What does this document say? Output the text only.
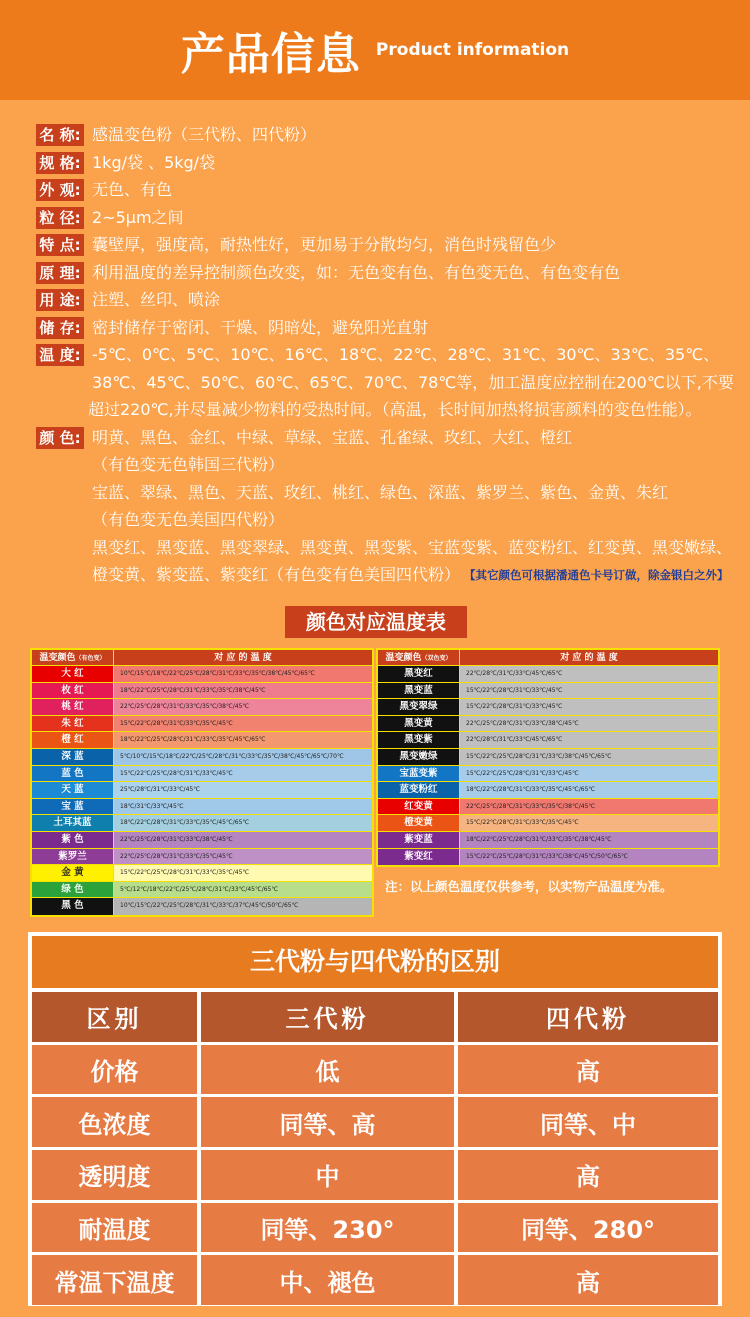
产品信息 Product information
名 称: 感温变色粉（三代粉、四代粉）
规 格: 1kg/袋 、5kg/袋
外 观: 无色、有色
粒 径: 2~5μm之间
特 点: 囊壁厚，强度高，耐热性好，更加易于分散均匀，消色时残留色少
原 理: 利用温度的差异控制颜色改变，如：无色变有色、有色变无色、有色变有色
用 途: 注塑、丝印、喷涂
储 存: 密封储存于密闭、干燥、阴暗处，避免阳光直射
温 度: -5℃、0℃、5℃、10℃、16℃、18℃、22℃、28℃、31℃、30℃、33℃、35℃、
38℃、45℃、50℃、60℃、65℃、70℃、78℃等，加工温度应控制在200℃以下,不要
超过220℃,并尽量减少物料的受热时间。（高温，长时间加热将损害颜料的变色性能）。
颜 色: 明黄、黑色、金红、中绿、草绿、宝蓝、孔雀绿、玫红、大红、橙红
（有色变无色韩国三代粉）
宝蓝、翠绿、黑色、天蓝、玫红、桃红、绿色、深蓝、紫罗兰、紫色、金黄、朱红
（有色变无色美国四代粉）
黑变红、黑变蓝、黑变翠绿、黑变黄、黑变紫、宝蓝变紫、蓝变粉红、红变黄、黑变嫩绿、
橙变黄、紫变蓝、紫变红（有色变有色美国四代粉） 【其它颜色可根据潘通色卡号订做，除金银白之外】
颜色对应温度表
温变颜色（有色变）	对 应 的 温 度
大 红	10℃/15℃/18℃/22℃/25℃/28℃/31℃/33℃/35℃/38℃/45℃/65℃
枚 红	18℃/22℃/25℃/28℃/31℃/33℃/35℃/38℃/45℃
桃 红	22℃/25℃/28℃/31℃/33℃/35℃/38℃/45℃
朱 红	15℃/22℃/28℃/31℃/33℃/35℃/45℃
橙 红	18℃/22℃/25℃/28℃/31℃/33℃/35℃/45℃/65℃
深 蓝	5℃/10℃/15℃/18℃/22℃/25℃/28℃/31℃/33℃/35℃/38℃/45℃/65℃/70℃
蓝 色	15℃/22℃/25℃/28℃/31℃/33℃/45℃
天 蓝	25℃/28℃/31℃/33℃/45℃
宝 蓝	18℃/31℃/33℃/45℃
土耳其蓝	18℃/22℃/28℃/31℃/33℃/35℃/45℃/65℃
紫 色	22℃/25℃/28℃/31℃/33℃/38℃/45℃
紫罗兰	22℃/25℃/28℃/31℃/33℃/35℃/45℃
金 黄	15℃/22℃/25℃/28℃/31℃/33℃/35℃/45℃
绿 色	5℃/12℃/18℃/22℃/25℃/28℃/31℃/33℃/45℃/65℃
黑 色	10℃/15℃/22℃/25℃/28℃/31℃/33℃/37℃/45℃/50℃/65℃
温变颜色（双色变）	对 应 的 温 度
黑变红	22℃/28℃/31℃/33℃/45℃/65℃
黑变蓝	15℃/22℃/28℃/31℃/33℃/45℃
黑变翠绿	15℃/22℃/28℃/31℃/33℃/45℃
黑变黄	22℃/25℃/28℃/31℃/33℃/38℃/45℃
黑变紫	22℃/28℃/31℃/33℃/45℃/65℃
黑变嫩绿	15℃/22℃/25℃/28℃/31℃/33℃/38℃/45℃/65℃
宝蓝变紫	15℃/22℃/25℃/28℃/31℃/33℃/45℃
蓝变粉红	18℃/22℃/28℃/31℃/33℃/35℃/45℃/65℃
红变黄	22℃/25℃/28℃/31℃/33℃/35℃/38℃/45℃
橙变黄	15℃/22℃/28℃/31℃/33℃/35℃/45℃
紫变蓝	18℃/22℃/25℃/28℃/31℃/33℃/35℃/38℃/45℃
紫变红	15℃/22℃/25℃/28℃/31℃/33℃/38℃/45℃/50℃/65℃
注：以上颜色温度仅供参考，以实物产品温度为准。
三代粉与四代粉的区别
区别	三代粉	四代粉
价格	低	高
色浓度	同等、高	同等、中
透明度	中	高
耐温度	同等、230°	同等、280°
常温下温度	中、褪色	高
